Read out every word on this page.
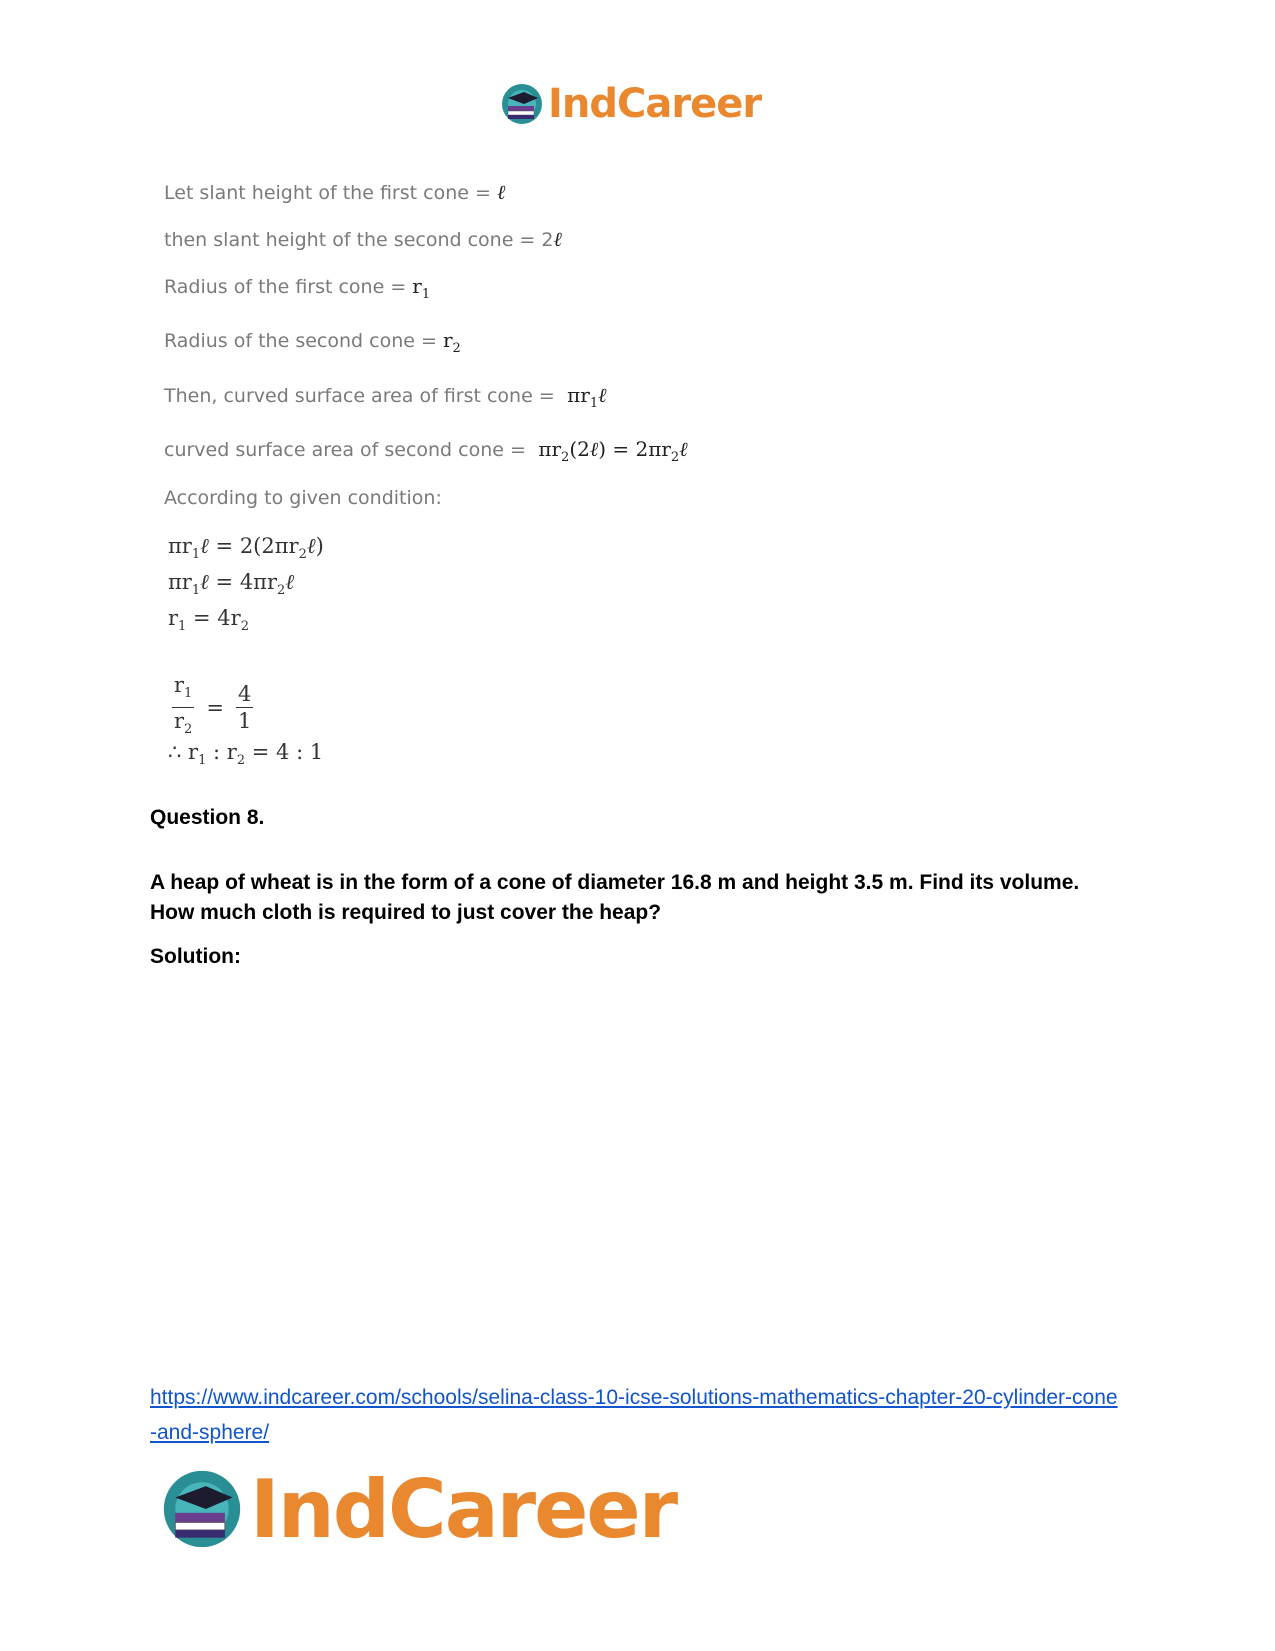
IndCareer
Let slant height of the first cone = ℓ
then slant height of the second cone = 2ℓ
Radius of the first cone = $r_1$
Radius of the second cone = $r_2$
Then, curved surface area of first cone =  $\pi r_1\ell$
curved surface area of second cone =  $\pi r_2(2\ell)$ = $2\pi r_2\ell$
According to given condition:
$\pi r_1\ell$ = $2(2\pi r_2\ell)$
$\pi r_1\ell$ = $4\pi r_2\ell$
$r_1 = 4r_2$
$\frac{r_1}{r_2} = \frac{4}{1}$
∴ $r_1$ : $r_2 = 4$ : 1
Question 8.
A heap of wheat is in the form of a cone of diameter 16.8 m and height 3.5 m. Find its volume. How much cloth is required to just cover the heap?
Solution:
https://www.indcareer.com/schools/selina-class-10-icse-solutions-mathematics-chapter-20-cylinder-cone-and-sphere/
IndCareer
